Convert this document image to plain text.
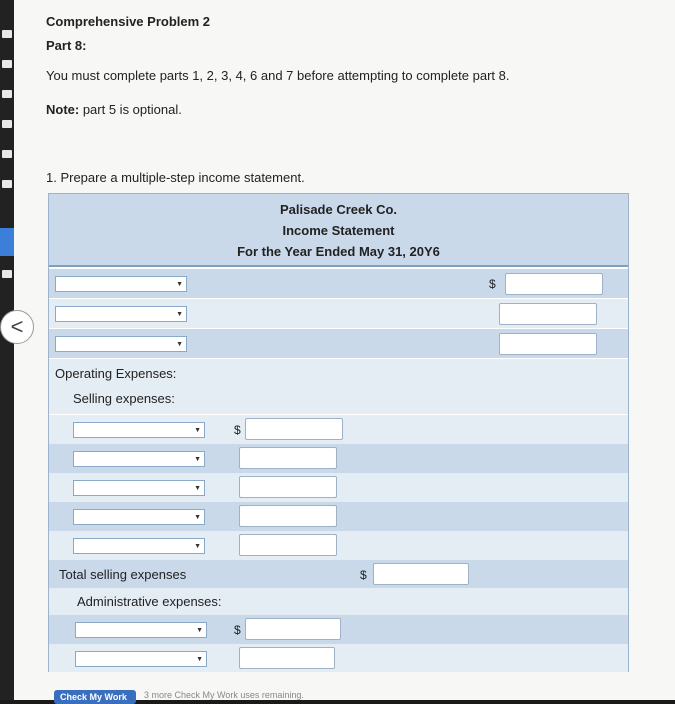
Comprehensive Problem 2
Part 8:
You must complete parts 1, 2, 3, 4, 6 and 7 before attempting to complete part 8.
Note: part 5 is optional.
1. Prepare a multiple-step income statement.
Palisade Creek Co.
Income Statement
For the Year Ended May 31, 20Y6
▼	$
▼
▼
Operating Expenses:
Selling expenses:
▼	$
▼
▼
▼
▼
Total selling expenses	$
Administrative expenses:
▼	$
▼
<
Check My Work	3 more Check My Work uses remaining.
